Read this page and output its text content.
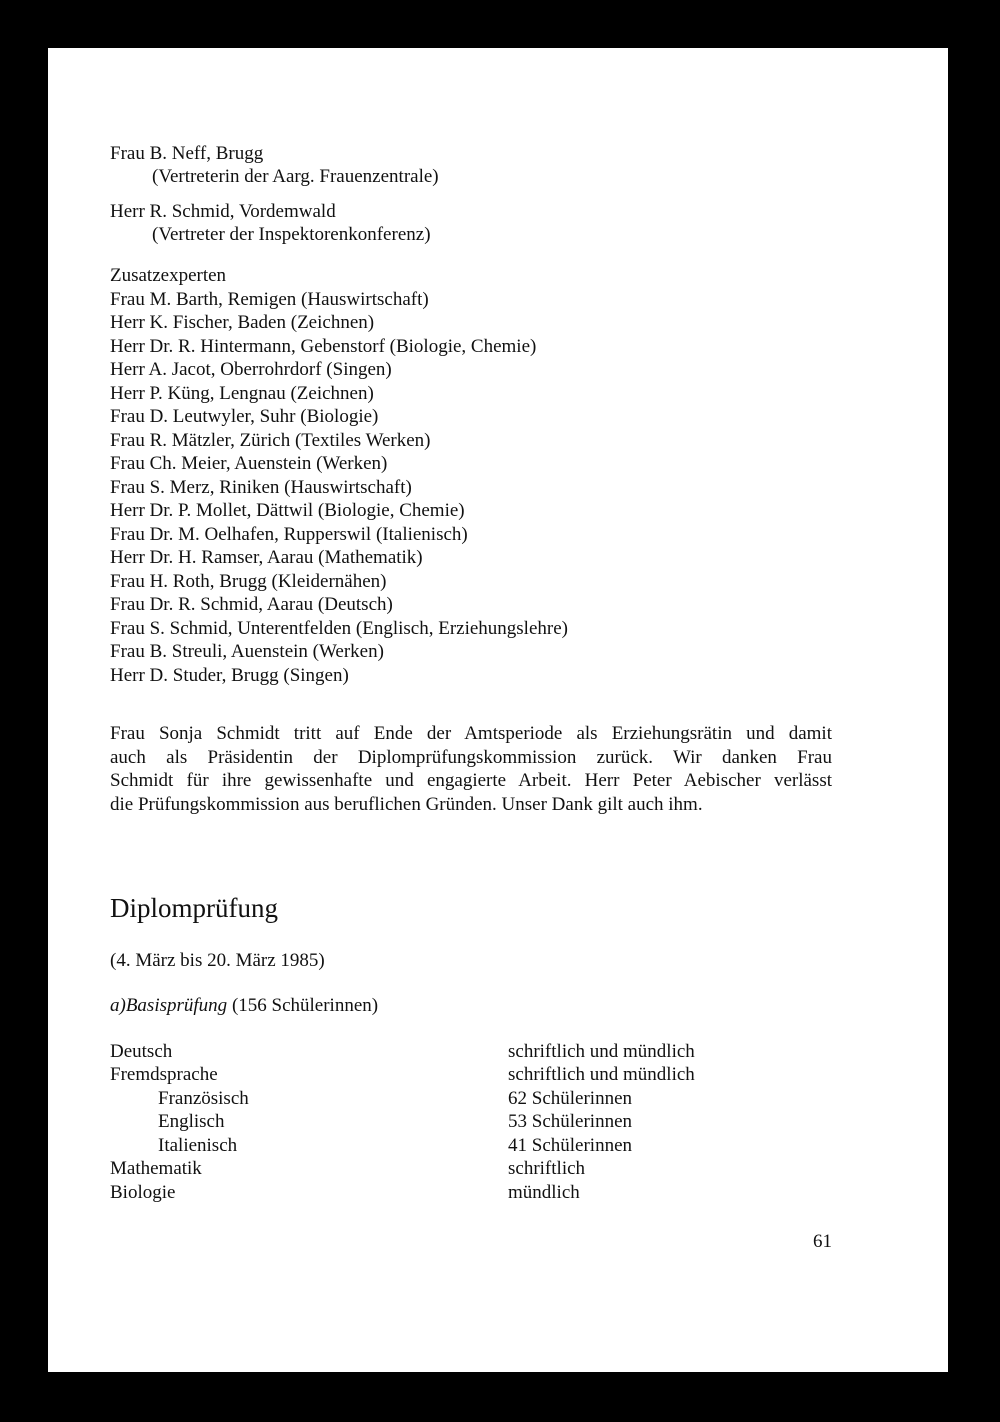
Frau B. Neff, Brugg
(Vertreterin der Aarg. Frauenzentrale)
Herr R. Schmid, Vordemwald
(Vertreter der Inspektorenkonferenz)
Zusatzexperten
Frau M. Barth, Remigen (Hauswirtschaft)
Herr K. Fischer, Baden (Zeichnen)
Herr Dr. R. Hintermann, Gebenstorf (Biologie, Chemie)
Herr A. Jacot, Oberrohrdorf (Singen)
Herr P. Küng, Lengnau (Zeichnen)
Frau D. Leutwyler, Suhr (Biologie)
Frau R. Mätzler, Zürich (Textiles Werken)
Frau Ch. Meier, Auenstein (Werken)
Frau S. Merz, Riniken (Hauswirtschaft)
Herr Dr. P. Mollet, Dättwil (Biologie, Chemie)
Frau Dr. M. Oelhafen, Rupperswil (Italienisch)
Herr Dr. H. Ramser, Aarau (Mathematik)
Frau H. Roth, Brugg (Kleidernähen)
Frau Dr. R. Schmid, Aarau (Deutsch)
Frau S. Schmid, Unterentfelden (Englisch, Erziehungslehre)
Frau B. Streuli, Auenstein (Werken)
Herr D. Studer, Brugg (Singen)
Frau Sonja Schmidt tritt auf Ende der Amtsperiode als Erziehungsrätin und damit
auch als Präsidentin der Diplomprüfungskommission zurück. Wir danken Frau
Schmidt für ihre gewissenhafte und engagierte Arbeit. Herr Peter Aebischer verlässt
die Prüfungskommission aus beruflichen Gründen. Unser Dank gilt auch ihm.
Diplomprüfung
(4. März bis 20. März 1985)
a)Basisprüfung (156 Schülerinnen)
Deutsch	schriftlich und mündlich
Fremdsprache	schriftlich und mündlich
Französisch	62 Schülerinnen
Englisch	53 Schülerinnen
Italienisch	41 Schülerinnen
Mathematik	schriftlich
Biologie	mündlich
61
